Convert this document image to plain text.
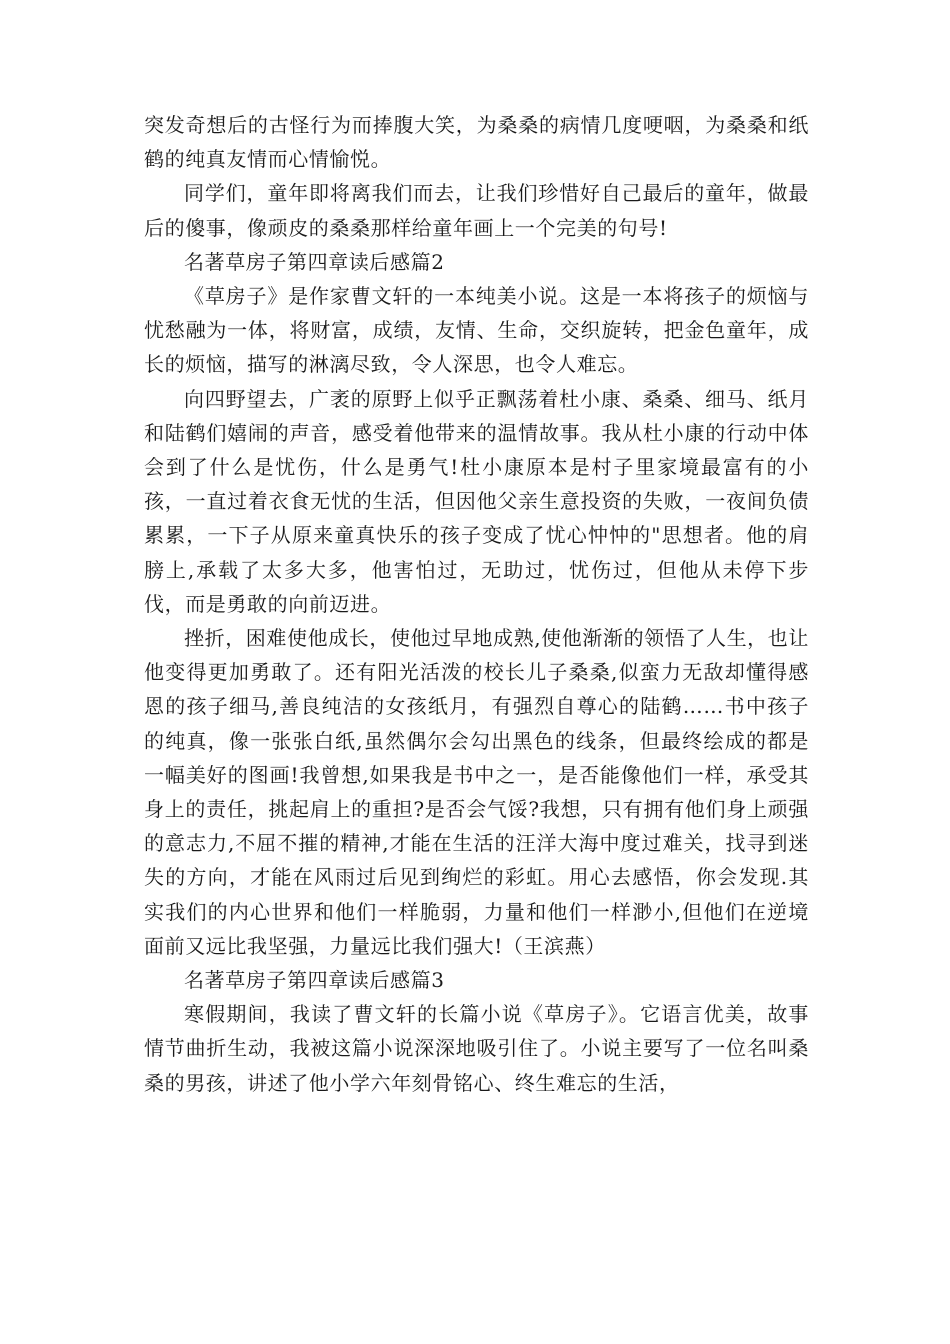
突发奇想后的古怪行为而捧腹大笑，为桑桑的病情几度哽咽，为桑桑和纸鹤的纯真友情而心情愉悦。

同学们，童年即将离我们而去，让我们珍惜好自己最后的童年，做最后的傻事，像顽皮的桑桑那样给童年画上一个完美的句号!

名著草房子第四章读后感篇2

《草房子》是作家曹文轩的一本纯美小说。这是一本将孩子的烦恼与忧愁融为一体，将财富，成绩，友情、生命，交织旋转，把金色童年，成长的烦恼，描写的淋漓尽致，令人深思，也令人难忘。

向四野望去，广袤的原野上似乎正飘荡着杜小康、桑桑、细马、纸月和陆鹤们嬉闹的声音，感受着他带来的温情故事。我从杜小康的行动中体会到了什么是忧伤，什么是勇气!杜小康原本是村子里家境最富有的小孩，一直过着衣食无忧的生活，但因他父亲生意投资的失败，一夜间负债累累，一下子从原来童真快乐的孩子变成了忧心忡忡的"思想者。他的肩膀上,承载了太多大多，他害怕过，无助过，忧伤过，但他从未停下步伐，而是勇敢的向前迈进。

挫折，困难使他成长，使他过早地成熟,使他渐渐的领悟了人生，也让他变得更加勇敢了。还有阳光活泼的校长儿子桑桑,似蛮力无敌却懂得感恩的孩子细马,善良纯洁的女孩纸月，有强烈自尊心的陆鹤……书中孩子的纯真，像一张张白纸,虽然偶尔会勾出黑色的线条，但最终绘成的都是一幅美好的图画!我曾想,如果我是书中之一，是否能像他们一样，承受其身上的责任，挑起肩上的重担?是否会气馁?我想，只有拥有他们身上顽强的意志力,不屈不摧的精神,才能在生活的汪洋大海中度过难关，找寻到迷失的方向，才能在风雨过后见到绚烂的彩虹。用心去感悟，你会发现.其实我们的内心世界和他们一样脆弱，力量和他们一样渺小,但他们在逆境面前又远比我坚强，力量远比我们强大!（王滨燕）

名著草房子第四章读后感篇3

寒假期间，我读了曹文轩的长篇小说《草房子》。它语言优美，故事情节曲折生动，我被这篇小说深深地吸引住了。小说主要写了一位名叫桑桑的男孩，讲述了他小学六年刻骨铭心、终生难忘的生活，
